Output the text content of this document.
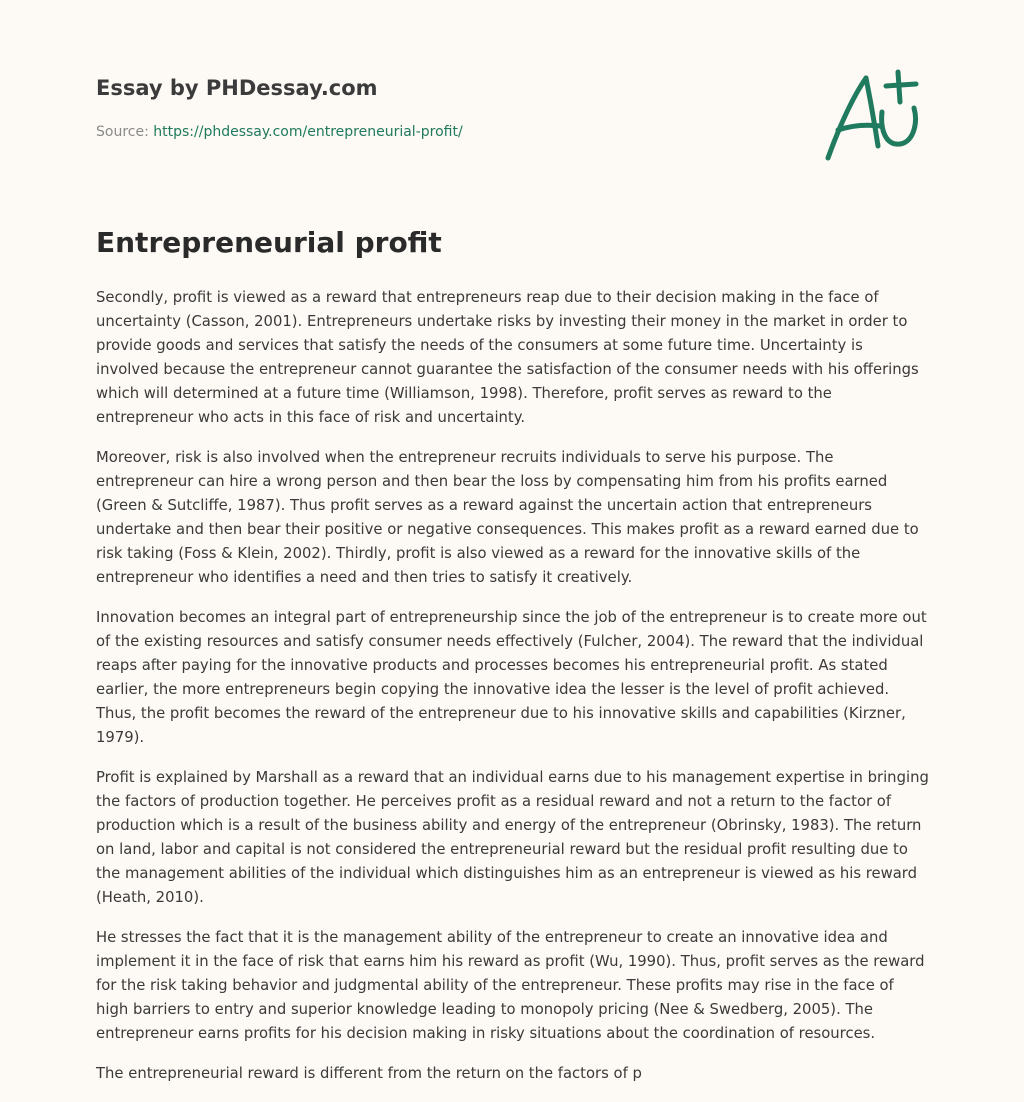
Essay by PHDessay.com
Source: https://phdessay.com/entrepreneurial-profit/
Entrepreneurial profit

Secondly, profit is viewed as a reward that entrepreneurs reap due to their decision making in the face of uncertainty (Casson, 2001). Entrepreneurs undertake risks by investing their money in the market in order to provide goods and services that satisfy the needs of the consumers at some future time. Uncertainty is involved because the entrepreneur cannot guarantee the satisfaction of the consumer needs with his offerings which will determined at a future time (Williamson, 1998). Therefore, profit serves as reward to the entrepreneur who acts in this face of risk and uncertainty.

Moreover, risk is also involved when the entrepreneur recruits individuals to serve his purpose. The entrepreneur can hire a wrong person and then bear the loss by compensating him from his profits earned (Green & Sutcliffe, 1987). Thus profit serves as a reward against the uncertain action that entrepreneurs undertake and then bear their positive or negative consequences. This makes profit as a reward earned due to risk taking (Foss & Klein, 2002). Thirdly, profit is also viewed as a reward for the innovative skills of the entrepreneur who identifies a need and then tries to satisfy it creatively.

Innovation becomes an integral part of entrepreneurship since the job of the entrepreneur is to create more out of the existing resources and satisfy consumer needs effectively (Fulcher, 2004). The reward that the individual reaps after paying for the innovative products and processes becomes his entrepreneurial profit. As stated earlier, the more entrepreneurs begin copying the innovative idea the lesser is the level of profit achieved. Thus, the profit becomes the reward of the entrepreneur due to his innovative skills and capabilities (Kirzner, 1979).

Profit is explained by Marshall as a reward that an individual earns due to his management expertise in bringing the factors of production together. He perceives profit as a residual reward and not a return to the factor of production which is a result of the business ability and energy of the entrepreneur (Obrinsky, 1983). The return on land, labor and capital is not considered the entrepreneurial reward but the residual profit resulting due to the management abilities of the individual which distinguishes him as an entrepreneur is viewed as his reward (Heath, 2010).

He stresses the fact that it is the management ability of the entrepreneur to create an innovative idea and implement it in the face of risk that earns him his reward as profit (Wu, 1990). Thus, profit serves as the reward for the risk taking behavior and judgmental ability of the entrepreneur. These profits may rise in the face of high barriers to entry and superior knowledge leading to monopoly pricing (Nee & Swedberg, 2005). The entrepreneur earns profits for his decision making in risky situations about the coordination of resources.

The entrepreneurial reward is different from the return on the factors of p
